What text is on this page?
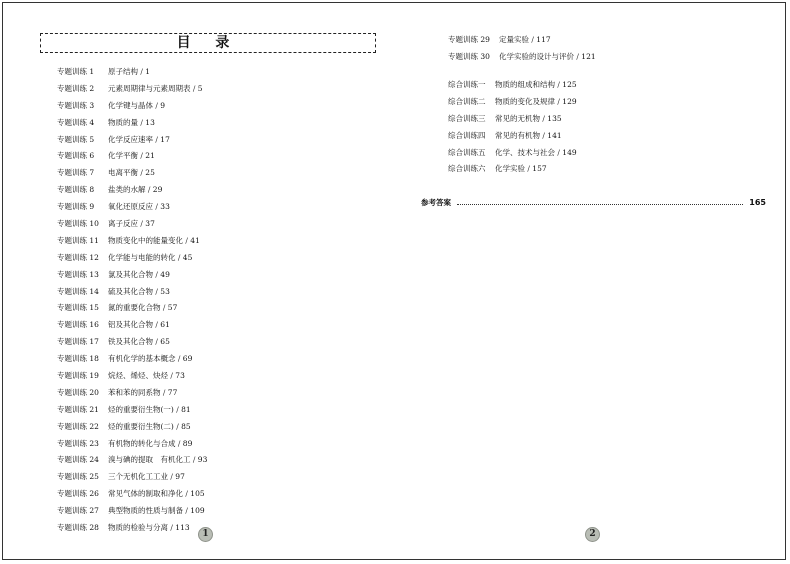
目 录
专题训练 1	原子结构 / 1
专题训练 2	元素周期律与元素周期表 / 5
专题训练 3	化学键与晶体 / 9
专题训练 4	物质的量 / 13
专题训练 5	化学反应速率 / 17
专题训练 6	化学平衡 / 21
专题训练 7	电离平衡 / 25
专题训练 8	盐类的水解 / 29
专题训练 9	氧化还原反应 / 33
专题训练 10	离子反应 / 37
专题训练 11	物质变化中的能量变化 / 41
专题训练 12	化学能与电能的转化 / 45
专题训练 13	氯及其化合物 / 49
专题训练 14	硫及其化合物 / 53
专题训练 15	氮的重要化合物 / 57
专题训练 16	铝及其化合物 / 61
专题训练 17	铁及其化合物 / 65
专题训练 18	有机化学的基本概念 / 69
专题训练 19	烷烃、烯烃、炔烃 / 73
专题训练 20	苯和苯的同系物 / 77
专题训练 21	烃的重要衍生物(一) / 81
专题训练 22	烃的重要衍生物(二) / 85
专题训练 23	有机物的转化与合成 / 89
专题训练 24	溴与碘的提取　有机化工 / 93
专题训练 25	三个无机化工工业 / 97
专题训练 26	常见气体的制取和净化 / 105
专题训练 27	典型物质的性质与制备 / 109
专题训练 28	物质的检验与分离 / 113
1
专题训练 29	定量实验 / 117
专题训练 30	化学实验的设计与评价 / 121
综合训练一	物质的组成和结构 / 125
综合训练二	物质的变化及规律 / 129
综合训练三	常见的无机物 / 135
综合训练四	常见的有机物 / 141
综合训练五	化学、技术与社会 / 149
综合训练六	化学实验 / 157
参考答案	165
2
